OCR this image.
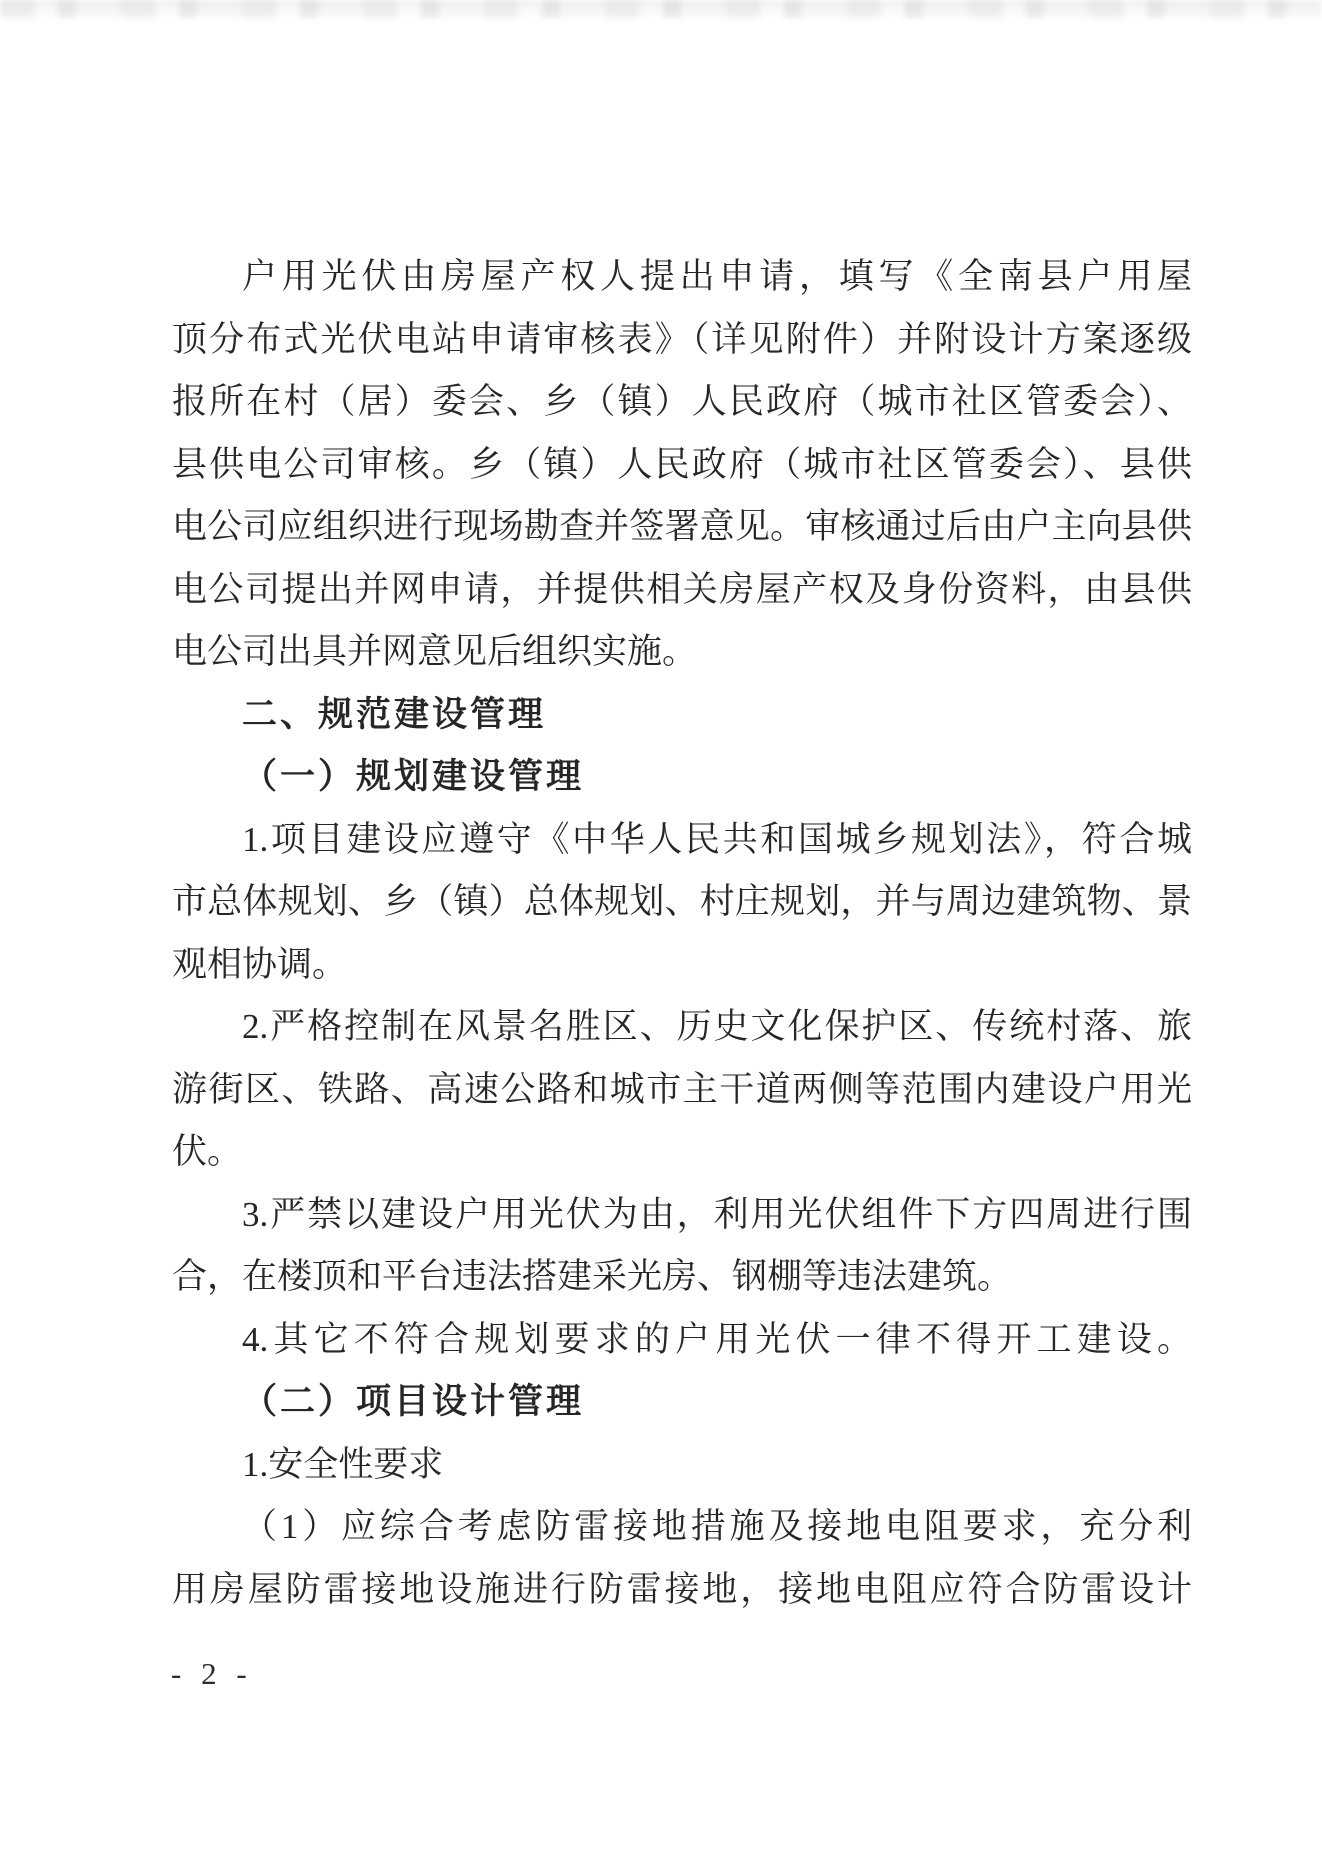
户用光伏由房屋产权人提出申请，填写《全南县户用屋
顶分布式光伏电站申请审核表》（详见附件）并附设计方案逐级
报所在村（居）委会、乡（镇）人民政府（城市社区管委会）、
县供电公司审核。乡（镇）人民政府（城市社区管委会）、县供
电公司应组织进行现场勘查并签署意见。审核通过后由户主向县供
电公司提出并网申请，并提供相关房屋产权及身份资料，由县供
电公司出具并网意见后组织实施。
二、规范建设管理
（一）规划建设管理
1.项目建设应遵守《中华人民共和国城乡规划法》，符合城
市总体规划、乡（镇）总体规划、村庄规划，并与周边建筑物、景
观相协调。
2.严格控制在风景名胜区、历史文化保护区、传统村落、旅
游街区、铁路、高速公路和城市主干道两侧等范围内建设户用光
伏。
3.严禁以建设户用光伏为由，利用光伏组件下方四周进行围
合，在楼顶和平台违法搭建采光房、钢棚等违法建筑。
4.其它不符合规划要求的户用光伏一律不得开工建设。
（二）项目设计管理
1.安全性要求
（1）应综合考虑防雷接地措施及接地电阻要求，充分利
用房屋防雷接地设施进行防雷接地，接地电阻应符合防雷设计
- 2 -
